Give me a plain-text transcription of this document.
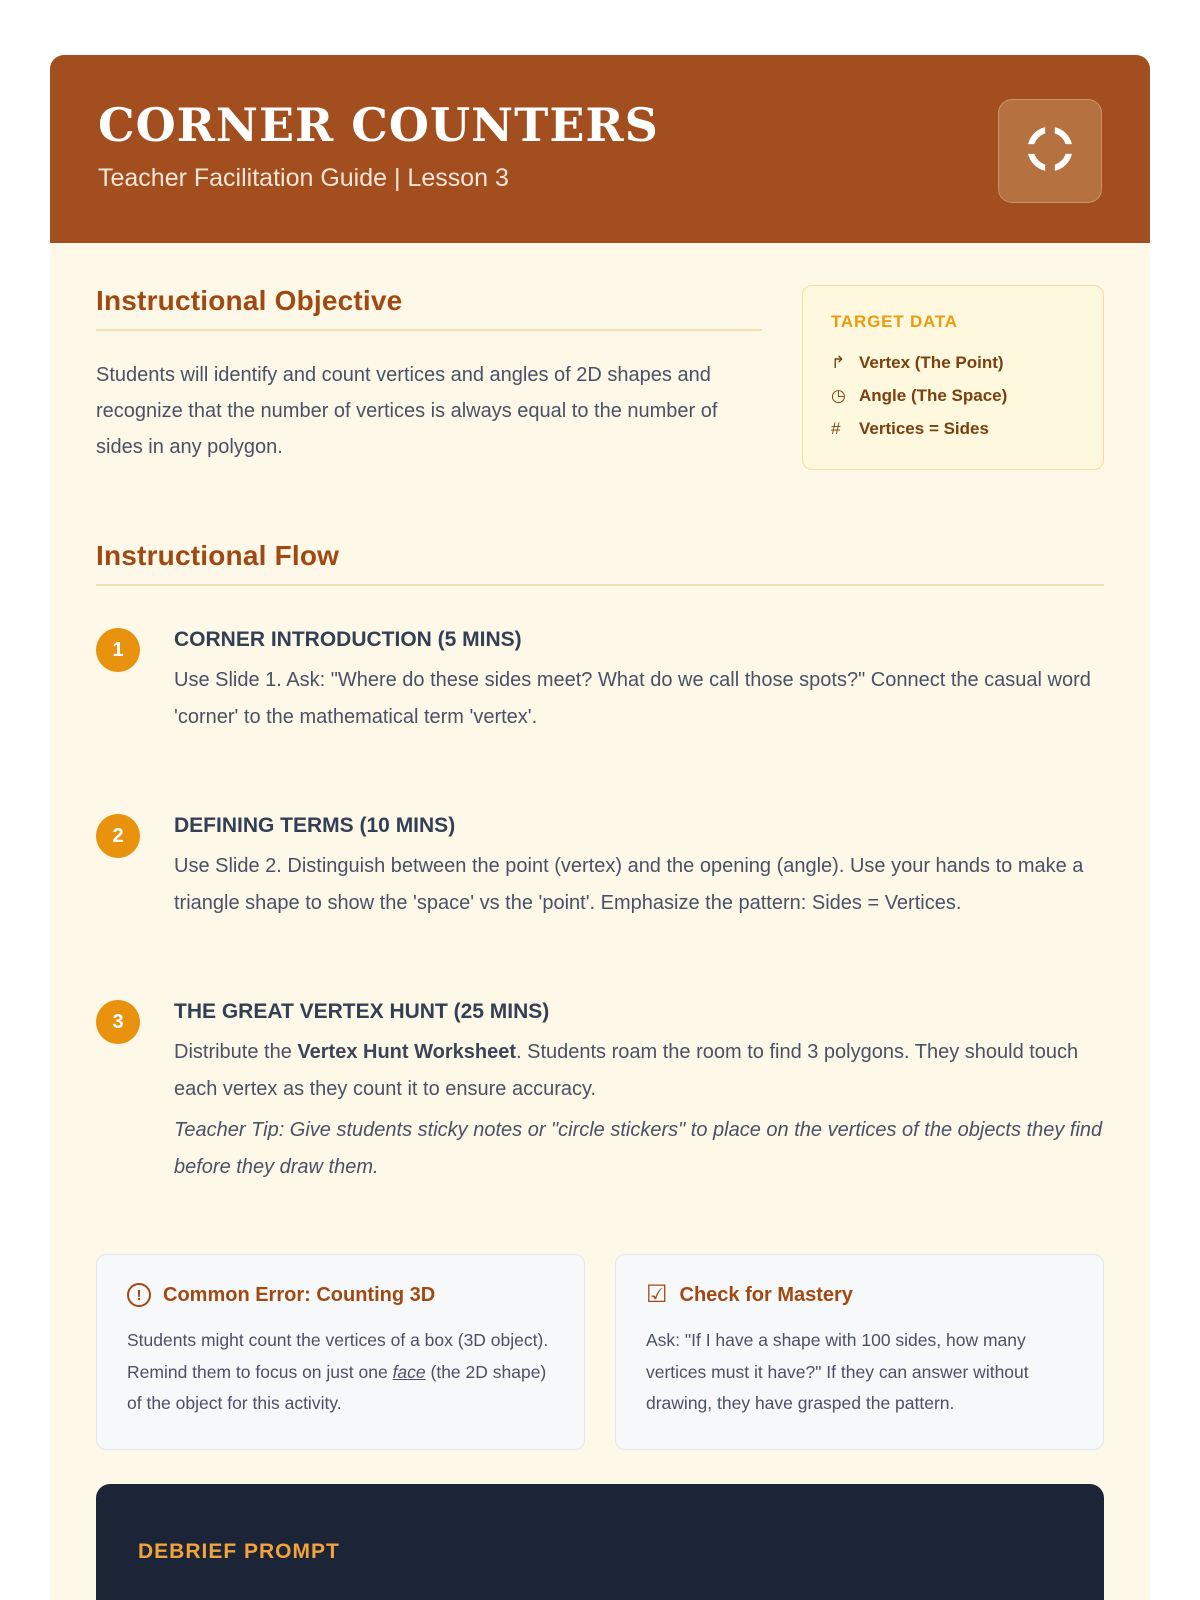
CORNER COUNTERS

Teacher Facilitation Guide | Lesson 3

Instructional Objective

Students will identify and count vertices and angles of 2D shapes and recognize that the number of vertices is always equal to the number of sides in any polygon.

TARGET DATA
↱ Vertex (The Point)
◷ Angle (The Space)
#	Vertices = Sides
Instructional Flow
1	CORNER INTRODUCTION (5 MINS)
Use Slide 1. Ask: "Where do these sides meet? What do we call those spots?" Connect the casual word 'corner' to the mathematical term 'vertex'.
2	DEFINING TERMS (10 MINS)
Use Slide 2. Distinguish between the point (vertex) and the opening (angle). Use your hands to make a triangle shape to show the 'space' vs the 'point'. Emphasize the pattern: Sides = Vertices.
3	THE GREAT VERTEX HUNT (25 MINS)
Distribute the Vertex Hunt Worksheet. Students roam the room to find 3 polygons. They should touch each vertex as they count it to ensure accuracy.
Teacher Tip: Give students sticky notes or "circle stickers" to place on the vertices of the objects they find before they draw them.
!	Common Error: Counting 3D

Students might count the vertices of a box (3D object). Remind them to focus on just one face (the 2D shape) of the object for this activity.

☑ Check for Mastery

Ask: "If I have a shape with 100 sides, how many vertices must it have?" If they can answer without drawing, they have grasped the pattern.

DEBRIEF PROMPT
